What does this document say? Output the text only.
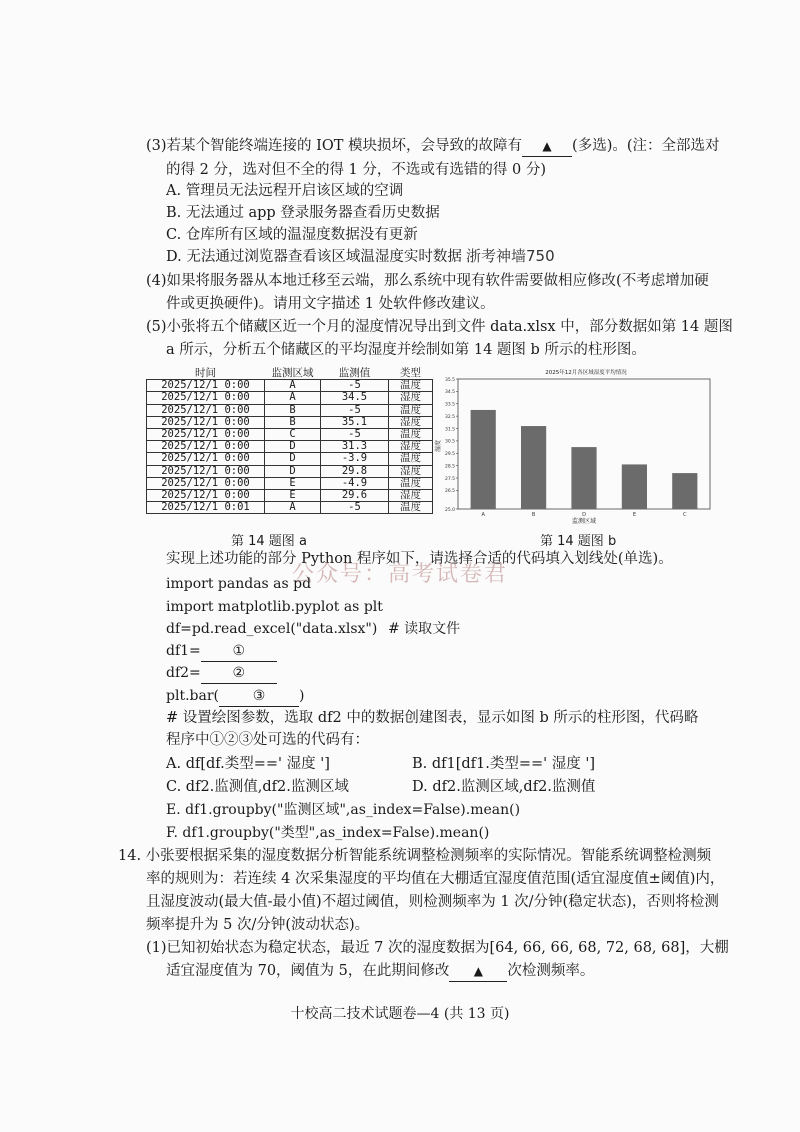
(3)若某个智能终端连接的 IOT 模块损坏，会导致的故障有 ▲ (多选)。(注：全部选对
的得 2 分，选对但不全的得 1 分，不选或有选错的得 0 分)
A. 管理员无法远程开启该区域的空调
B. 无法通过 app 登录服务器查看历史数据
C. 仓库所有区域的温湿度数据没有更新
D. 无法通过浏览器查看该区域温湿度实时数据 浙考神墙750
(4)如果将服务器从本地迁移至云端，那么系统中现有软件需要做相应修改(不考虑增加硬
件或更换硬件)。请用文字描述 1 处软件修改建议。
(5)小张将五个储藏区近一个月的湿度情况导出到文件 data.xlsx 中，部分数据如第 14 题图
a 所示，分析五个储藏区的平均湿度并绘制如第 14 题图 b 所示的柱形图。
时间	监测区域	监测值	类型
2025/12/1 0:00	A	-5	温度
2025/12/1 0:00	A	34.5	湿度
2025/12/1 0:00	B	-5	温度
2025/12/1 0:00	B	35.1	湿度
2025/12/1 0:00	C	-5	温度
2025/12/1 0:00	D	31.3	湿度
2025/12/1 0:00	D	-3.9	温度
2025/12/1 0:00	D	29.8	湿度
2025/12/1 0:00	E	-4.9	温度
2025/12/1 0:00	E	29.6	湿度
2025/12/1 0:01	A	-5	温度
第 14 题图 a
2025年12月各区域湿度平均情况
25.0
26.5
27.5
28.5
29.5
30.5
31.5
32.5
33.5
34.5
35.5
A	B	D	E	C
湿度
监测区域
第 14 题图 b
实现上述功能的部分 Python 程序如下，请选择合适的代码填入划线处(单选)。
公众号：高考试卷君
import pandas as pd
import matplotlib.pyplot as plt
df=pd.read_excel("data.xlsx") # 读取文件
df1= ①
df2= ②
plt.bar( ③ )
# 设置绘图参数，选取 df2 中的数据创建图表，显示如图 b 所示的柱形图，代码略
程序中①②③处可选的代码有：
A. df[df.类型==' 湿度 ']	B. df1[df1.类型==' 湿度 ']
C. df2.监测值,df2.监测区域	D. df2.监测区域,df2.监测值
E. df1.groupby("监测区域",as_index=False).mean()
F. df1.groupby("类型",as_index=False).mean()
14. 小张要根据采集的湿度数据分析智能系统调整检测频率的实际情况。智能系统调整检测频
率的规则为：若连续 4 次采集湿度的平均值在大棚适宜湿度值范围(适宜湿度值±阈值)内，
且湿度波动(最大值-最小值)不超过阈值，则检测频率为 1 次/分钟(稳定状态)，否则将检测
频率提升为 5 次/分钟(波动状态)。
(1)已知初始状态为稳定状态，最近 7 次的湿度数据为[64, 66, 66, 68, 72, 68, 68]，大棚
适宜湿度值为 70，阈值为 5，在此期间修改 ▲ 次检测频率。
十校高二技术试题卷—4 (共 13 页)
